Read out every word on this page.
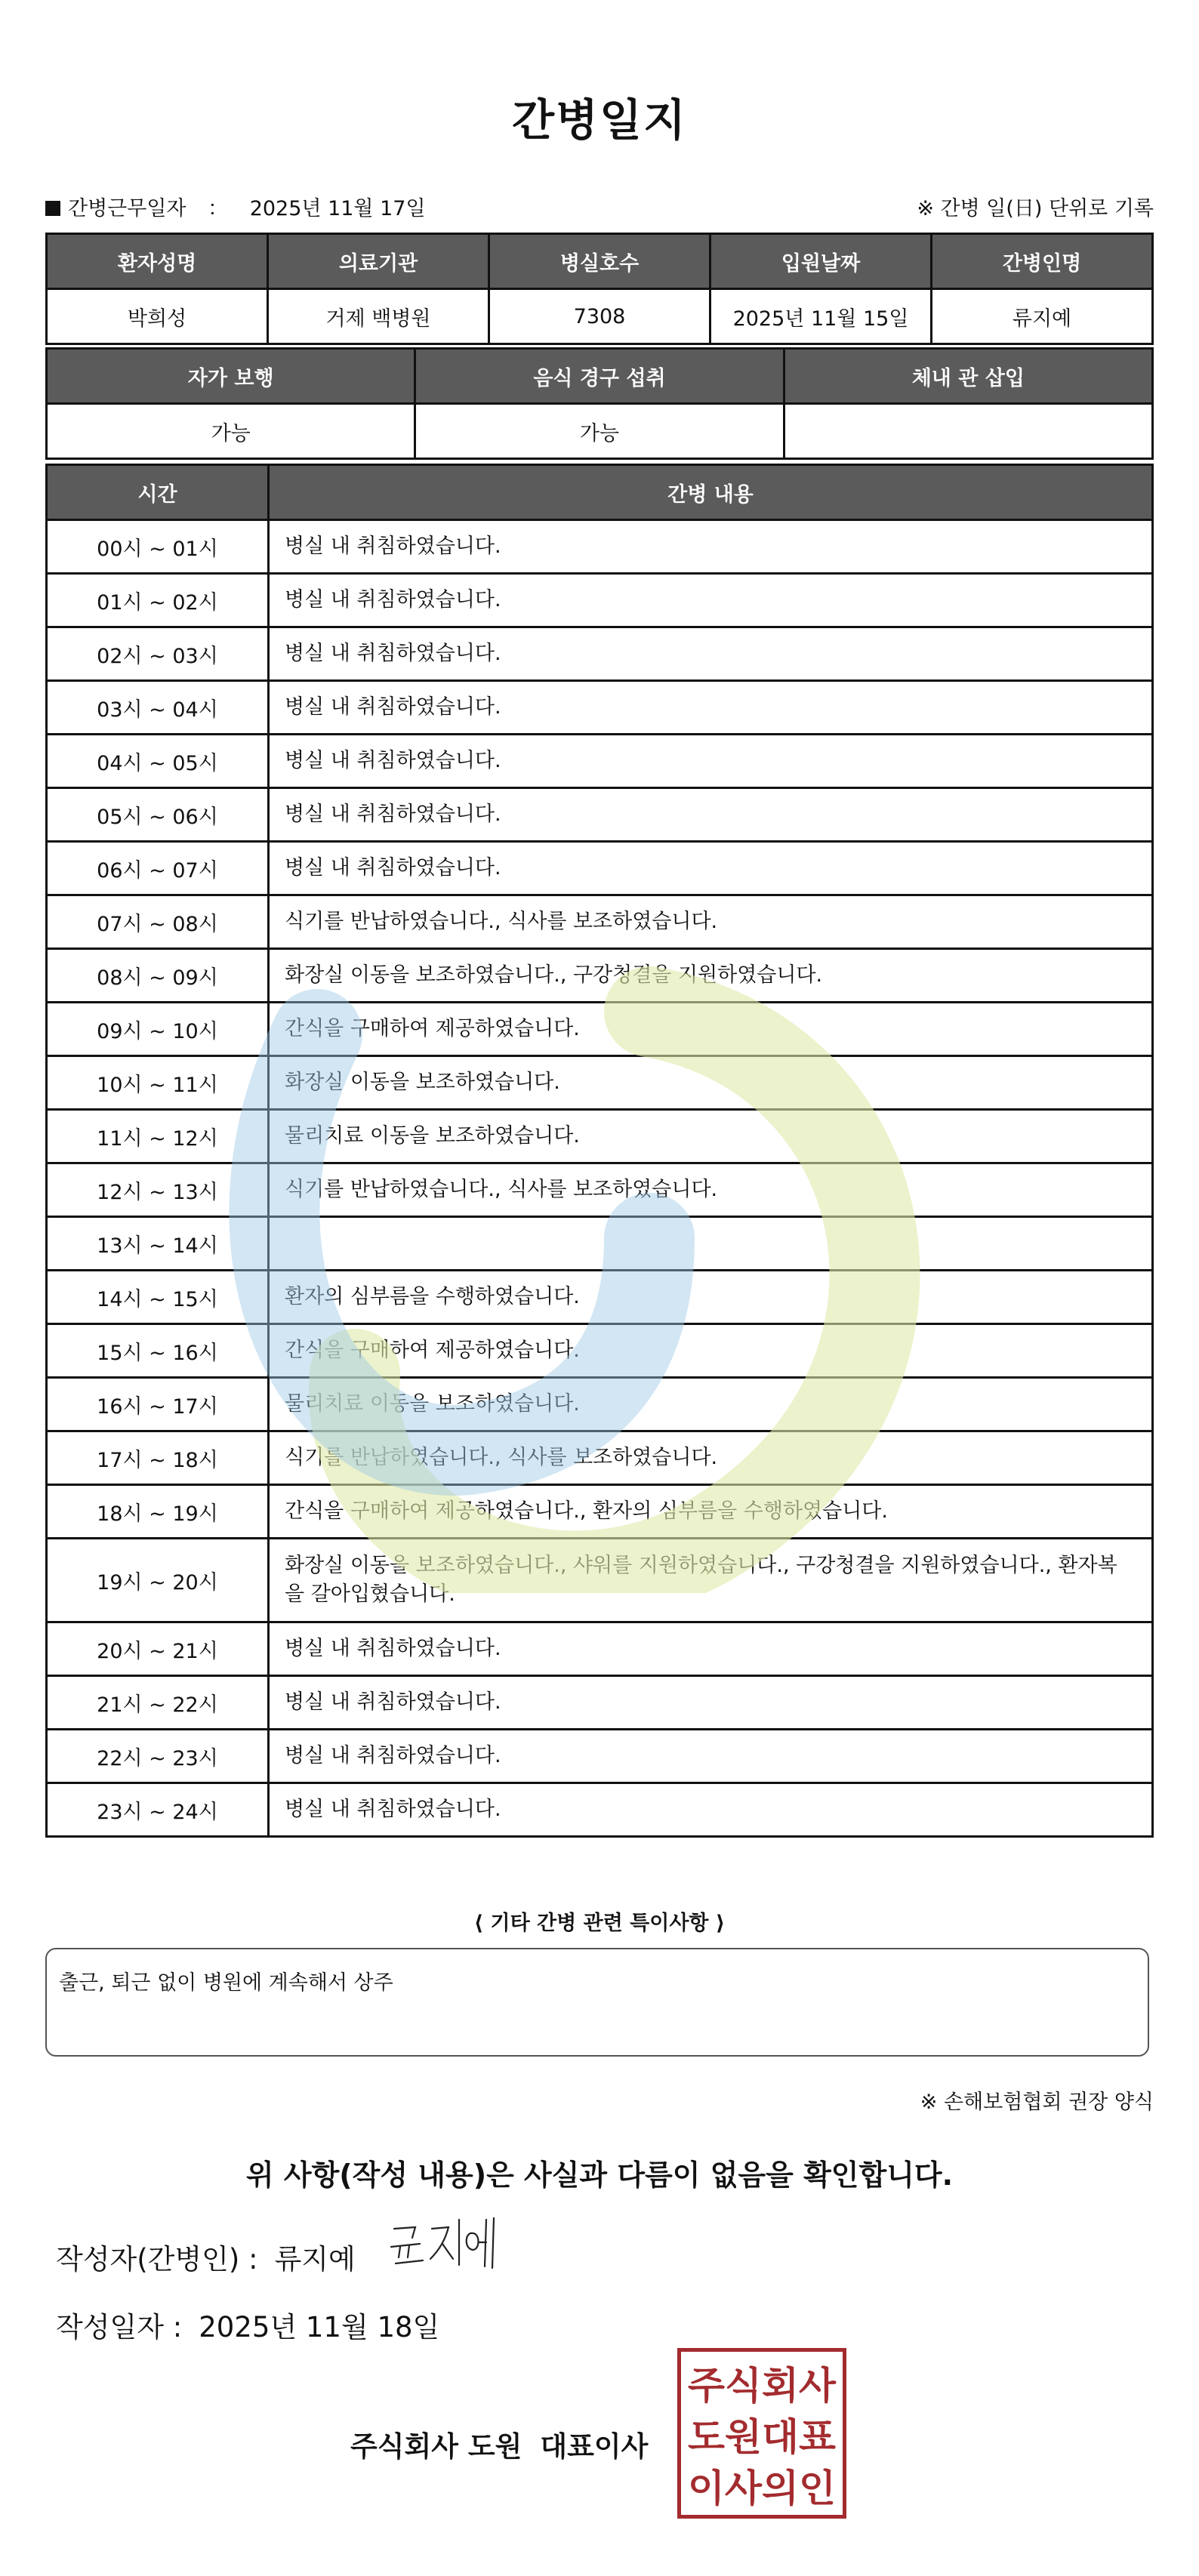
간병일지
간병근무일자 ： 2025년 11월 17일	※ 간병 일(日) 단위로 기록
환자성명	의료기관	병실호수	입원날짜	간병인명
박희성	거제 백병원	7308	2025년 11월 15일	류지예
자가 보행	음식 경구 섭취	체내 관 삽입
가능	가능	
시간	간병 내용
00시 ~ 01시	병실 내 취침하였습니다.
01시 ~ 02시	병실 내 취침하였습니다.
02시 ~ 03시	병실 내 취침하였습니다.
03시 ~ 04시	병실 내 취침하였습니다.
04시 ~ 05시	병실 내 취침하였습니다.
05시 ~ 06시	병실 내 취침하였습니다.
06시 ~ 07시	병실 내 취침하였습니다.
07시 ~ 08시	식기를 반납하였습니다., 식사를 보조하였습니다.
08시 ~ 09시	화장실 이동을 보조하였습니다., 구강청결을 지원하였습니다.
09시 ~ 10시	간식을 구매하여 제공하였습니다.
10시 ~ 11시	화장실 이동을 보조하였습니다.
11시 ~ 12시	물리치료 이동을 보조하였습니다.
12시 ~ 13시	식기를 반납하였습니다., 식사를 보조하였습니다.
13시 ~ 14시	
14시 ~ 15시	환자의 심부름을 수행하였습니다.
15시 ~ 16시	간식을 구매하여 제공하였습니다.
16시 ~ 17시	물리치료 이동을 보조하였습니다.
17시 ~ 18시	식기를 반납하였습니다., 식사를 보조하였습니다.
18시 ~ 19시	간식을 구매하여 제공하였습니다., 환자의 심부름을 수행하였습니다.
19시 ~ 20시	화장실 이동을 보조하였습니다., 샤워를 지원하였습니다., 구강청결을 지원하였습니다., 환자복을 갈아입혔습니다.
20시 ~ 21시	병실 내 취침하였습니다.
21시 ~ 22시	병실 내 취침하였습니다.
22시 ~ 23시	병실 내 취침하였습니다.
23시 ~ 24시	병실 내 취침하였습니다.
⟨ 기타 간병 관련 특이사항 ⟩
출근, 퇴근 없이 병원에 계속해서 상주
※ 손해보험협회 권장 양식
위 사항(작성 내용)은 사실과 다름이 없음을 확인합니다.
작성자(간병인) : 류지예
작성일자 : 2025년 11월 18일
주식회사 도원 대표이사
주식회사
도원대표
이사의인
